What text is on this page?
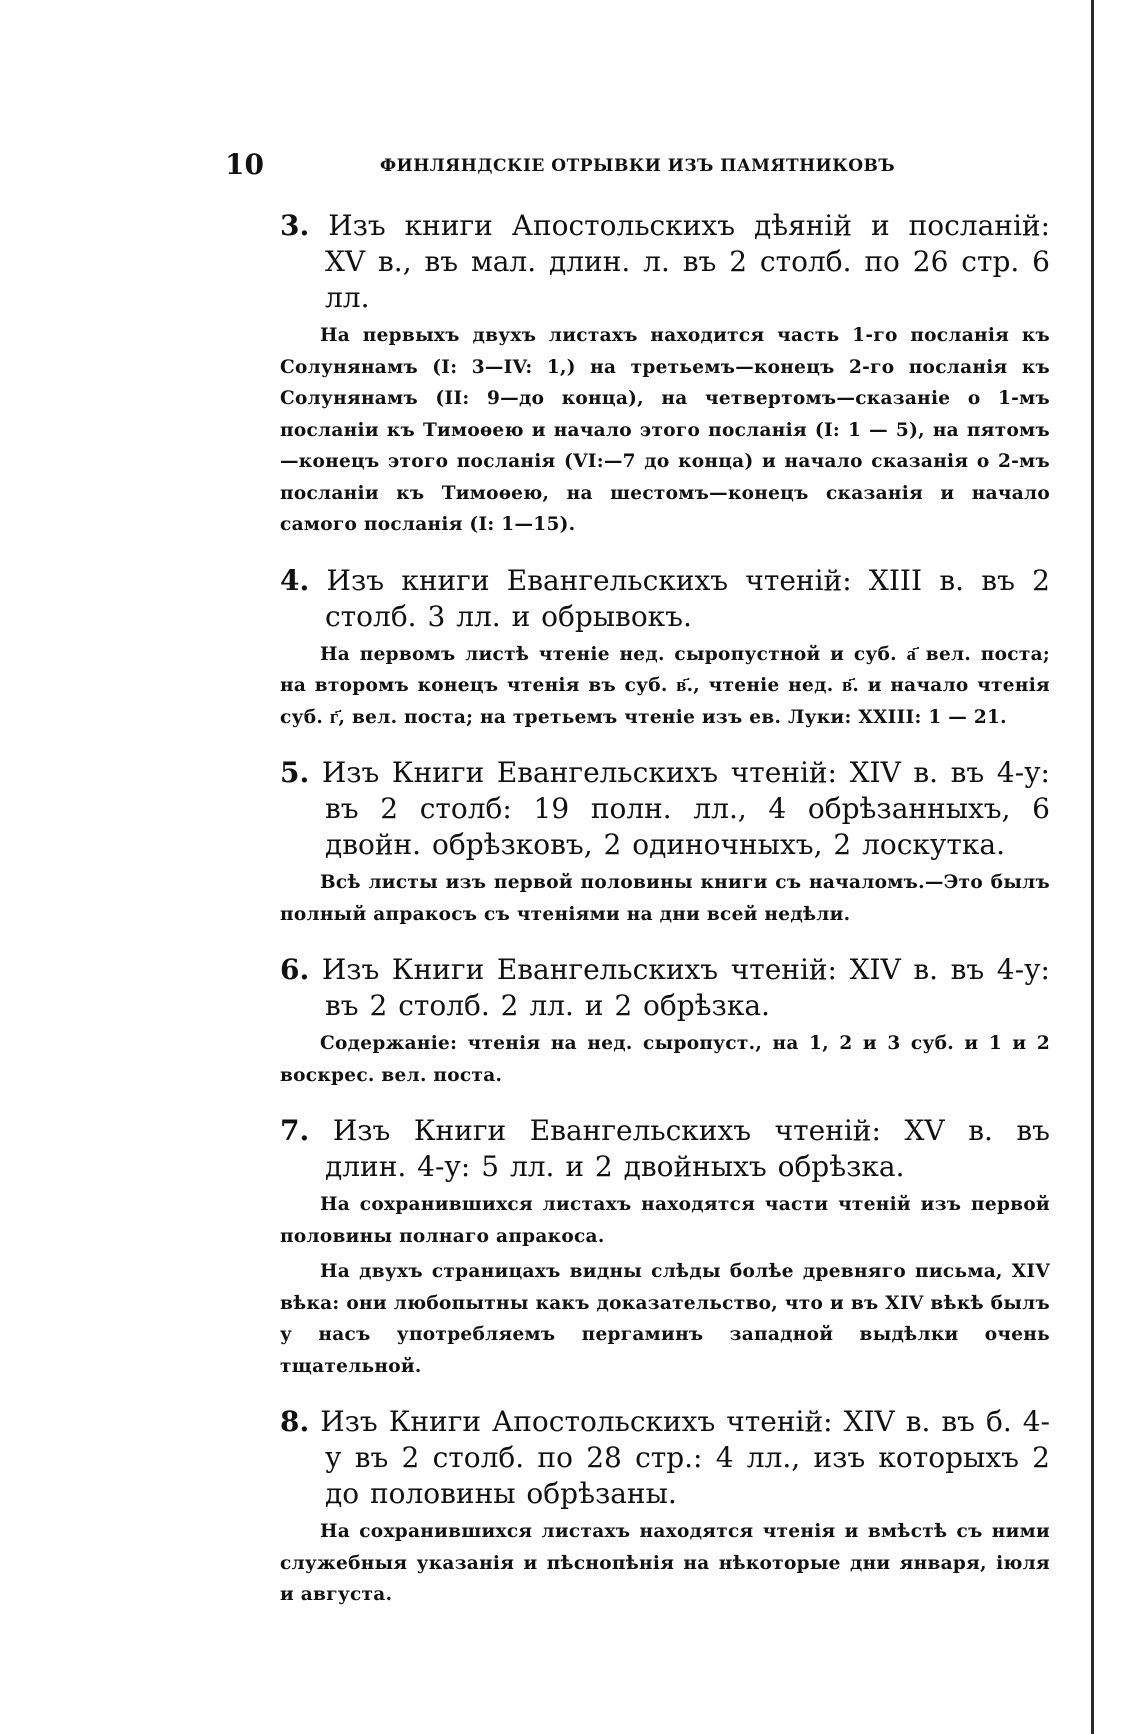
10	ФИНЛЯНДСКІЕ ОТРЫВКИ ИЗЪ ПАМЯТНИКОВЪ
3. Изъ книги Апостольскихъ дѣяній и посланій: XV в., въ мал. длин. л. въ 2 столб. по 26 стр. 6 лл.
На первыхъ двухъ листахъ находится часть 1-го посланія къ Солунянамъ (I: 3—IV: 1,) на третьемъ—конецъ 2-го посланія къ Солунянамъ (II: 9—до конца), на четвертомъ—сказаніе о 1-мъ посланіи къ Тимоѳею и начало этого посланія (I: 1 — 5), на пятомъ—конецъ этого посланія (VI:—7 до конца) и начало сказанія о 2-мъ посланіи къ Тимоѳею, на шестомъ—конецъ сказанія и начало самого посланія (I: 1—15).
4. Изъ книги Евангельскихъ чтеній: XIII в. въ 2 столб. 3 лл. и обрывокъ.
На первомъ листѣ чтеніе нед. сыропустной и суб. а҃ вел. поста; на второмъ конецъ чтенія въ суб. в҃., чтеніе нед. в҃. и начало чтенія суб. г҃, вел. поста; на третьемъ чтеніе изъ ев. Луки: XXIII: 1 — 21.
5. Изъ Книги Евангельскихъ чтеній: XIV в. въ 4-у: въ 2 столб: 19 полн. лл., 4 обрѣзанныхъ, 6 двойн. обрѣзковъ, 2 одиночныхъ, 2 лоскутка.
Всѣ листы изъ первой половины книги съ началомъ.—Это былъ полный апракосъ съ чтеніями на дни всей недѣли.
6. Изъ Книги Евангельскихъ чтеній: XIV в. въ 4-у: въ 2 столб. 2 лл. и 2 обрѣзка.
Содержаніе: чтенія на нед. сыропуст., на 1, 2 и 3 суб. и 1 и 2 воскрес. вел. поста.
7. Изъ Книги Евангельскихъ чтеній: XV в. въ длин. 4-у: 5 лл. и 2 двойныхъ обрѣзка.
На сохранившихся листахъ находятся части чтеній изъ первой половины полнаго апракоса.
На двухъ страницахъ видны слѣды болѣе древняго письма, XIV вѣка: они любопытны какъ доказательство, что и въ XIV вѣкѣ былъ у насъ употребляемъ пергаминъ западной выдѣлки очень тщательной.
8. Изъ Книги Апостольскихъ чтеній: XIV в. въ б. 4-у въ 2 столб. по 28 стр.: 4 лл., изъ которыхъ 2 до половины обрѣзаны.
На сохранившихся листахъ находятся чтенія и вмѣстѣ съ ними служебныя указанія и пѣснопѣнія на нѣкоторые дни января, іюля и августа.
